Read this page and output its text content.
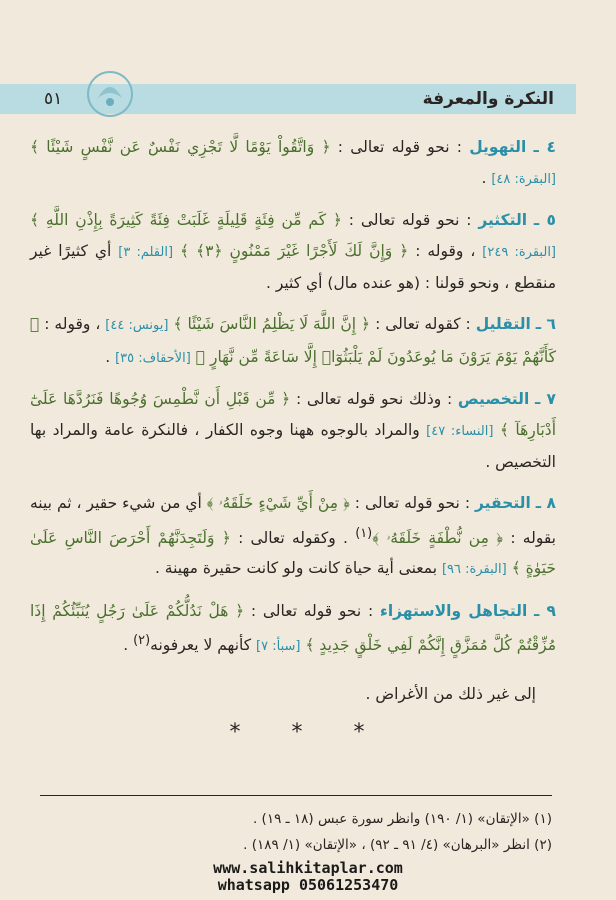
٥١	النكرة والمعرفة

٤ ـ التهويل : نحو قوله تعالى : ﴿ وَاتَّقُواْ يَوْمًا لَّا تَجْزِي نَفْسٌ عَن نَّفْسٍ شَيْئًا ﴾ [البقرة: ٤٨] .

٥ ـ التكثير : نحو قوله تعالى : ﴿ كَم مِّن فِئَةٍ قَلِيلَةٍ غَلَبَتْ فِئَةً كَثِيرَةً بِإِذْنِ اللَّهِ ﴾ [البقرة: ٢٤٩] ، وقوله : ﴿ وَإِنَّ لَكَ لَأَجْرًا غَيْرَ مَمْنُونٍ ﴿٣﴾ ﴾ [القلم: ٣] أي كثيرًا غير منقطع ، ونحو قولنا : (هو عنده مال) أي كثير .

٦ ـ التقليل : كقوله تعالى : ﴿ إِنَّ اللَّهَ لَا يَظْلِمُ النَّاسَ شَيْئًا ﴾ [يونس: ٤٤] ، وقوله : ﴿ كَأَنَّهُمْ يَوْمَ يَرَوْنَ مَا يُوعَدُونَ لَمْ يَلْبَثُوٓا۟ إِلَّا سَاعَةً مِّن نَّهَارٍ ﴾ [الأحقاف: ٣٥] .

٧ ـ التخصيص : وذلك نحو قوله تعالى : ﴿ مِّن قَبْلِ أَن نَّطْمِسَ وُجُوهًا فَنَرُدَّهَا عَلَىٰٓ أَدْبَارِهَآ ﴾ [النساء: ٤٧] والمراد بالوجوه ههنا وجوه الكفار ، فالنكرة عامة والمراد بها التخصيص .

٨ ـ التحقير : نحو قوله تعالى : ﴿ مِنْ أَيِّ شَيْءٍ خَلَقَهُۥ ﴾ أي من شيء حقير ، ثم بينه بقوله : ﴿ مِن نُّطْفَةٍ خَلَقَهُۥ ﴾$^{(١)}$ . وكقوله تعالى : ﴿ وَلَتَجِدَنَّهُمْ أَحْرَصَ النَّاسِ عَلَىٰ حَيَوٰةٍ ﴾ [البقرة: ٩٦] بمعنى أية حياة كانت ولو كانت حقيرة مهينة .

٩ ـ التجاهل والاستهزاء : نحو قوله تعالى : ﴿ هَلْ نَدُلُّكُمْ عَلَىٰ رَجُلٍ يُنَبِّئُكُمْ إِذَا مُزِّقْتُمْ كُلَّ مُمَزَّقٍ إِنَّكُمْ لَفِي خَلْقٍ جَدِيدٍ ﴾ [سبأ: ٧] كأنهم لا يعرفونه$^{(٢)}$ .

إلى غير ذلك من الأغراض .

* * *
(١) «الإتقان» (١/ ١٩٠) وانظر سورة عبس (١٨ ـ ١٩) .
(٢) انظر «البرهان» (٤/ ٩١ ـ ٩٢) ، «الإتقان» (١/ ١٨٩) .
www.salihkitaplar.com
whatsapp 05061253470
